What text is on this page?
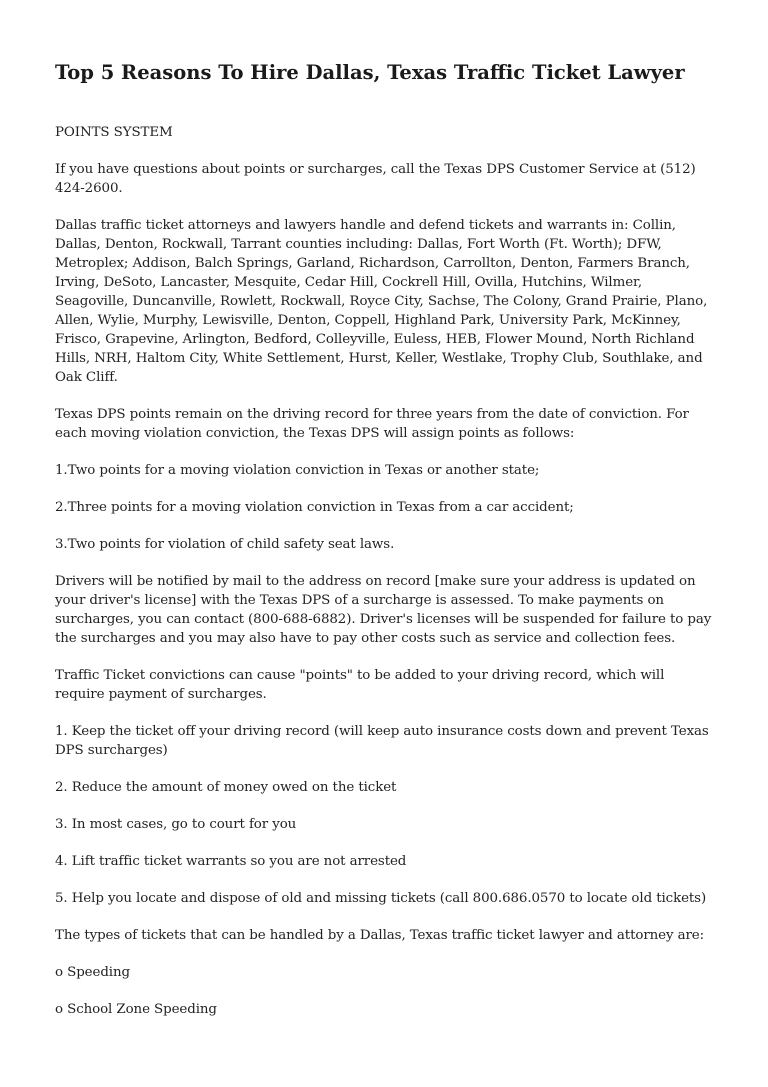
Top 5 Reasons To Hire Dallas, Texas Traffic Ticket Lawyer

POINTS SYSTEM

If you have questions about points or surcharges, call the Texas DPS Customer Service at (512) 424-2600.

Dallas traffic ticket attorneys and lawyers handle and defend tickets and warrants in: Collin, Dallas, Denton, Rockwall, Tarrant counties including: Dallas, Fort Worth (Ft. Worth); DFW, Metroplex; Addison, Balch Springs, Garland, Richardson, Carrollton, Denton, Farmers Branch, Irving, DeSoto, Lancaster, Mesquite, Cedar Hill, Cockrell Hill, Ovilla, Hutchins, Wilmer, Seagoville, Duncanville, Rowlett, Rockwall, Royce City, Sachse, The Colony, Grand Prairie, Plano, Allen, Wylie, Murphy, Lewisville, Denton, Coppell, Highland Park, University Park, McKinney, Frisco, Grapevine, Arlington, Bedford, Colleyville, Euless, HEB, Flower Mound, North Richland Hills, NRH, Haltom City, White Settlement, Hurst, Keller, Westlake, Trophy Club, Southlake, and Oak Cliff.

Texas DPS points remain on the driving record for three years from the date of conviction. For each moving violation conviction, the Texas DPS will assign points as follows:

1.Two points for a moving violation conviction in Texas or another state;

2.Three points for a moving violation conviction in Texas from a car accident;

3.Two points for violation of child safety seat laws.

Drivers will be notified by mail to the address on record [make sure your address is updated on your driver's license] with the Texas DPS of a surcharge is assessed. To make payments on surcharges, you can contact (800-688-6882). Driver's licenses will be suspended for failure to pay the surcharges and you may also have to pay other costs such as service and collection fees.

Traffic Ticket convictions can cause "points" to be added to your driving record, which will require payment of surcharges.

1. Keep the ticket off your driving record (will keep auto insurance costs down and prevent Texas DPS surcharges)

2. Reduce the amount of money owed on the ticket

3. In most cases, go to court for you

4. Lift traffic ticket warrants so you are not arrested

5. Help you locate and dispose of old and missing tickets (call 800.686.0570 to locate old tickets)

The types of tickets that can be handled by a Dallas, Texas traffic ticket lawyer and attorney are:

o Speeding

o School Zone Speeding
